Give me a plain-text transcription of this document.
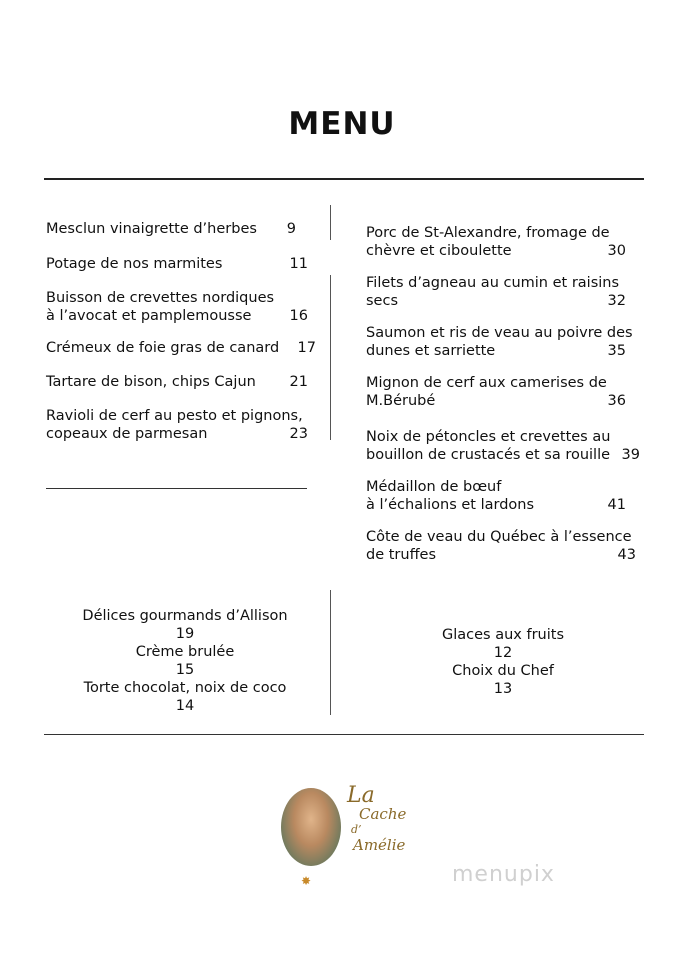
MENU
Mesclun vinaigrette d’herbes	9
Potage de nos marmites	11
Buisson de crevettes nordiques
à l’avocat et pamplemousse	16
Crémeux de foie gras de canard	17
Tartare de bison, chips Cajun	21
Ravioli de cerf au pesto et pignons,
copeaux de parmesan	23
Porc de St-Alexandre, fromage de
chèvre et ciboulette	30
Filets d’agneau au cumin et raisins
secs	32
Saumon et ris de veau au poivre des
dunes et sarriette	35
Mignon de cerf aux camerises de
M.Bérubé	36
Noix de pétoncles et crevettes au
bouillon de crustacés et sa rouille 39
Médaillon de bœuf
à l’échalions et lardons	41
Côte de veau du Québec à l’essence
de truffes	43
Délices gourmands d’Allison
19
Crème brulée
15
Torte chocolat, noix de coco
14
Glaces aux fruits
12
Choix du Chef
13
La
Cache
d’
Amélie
✸	menupix
